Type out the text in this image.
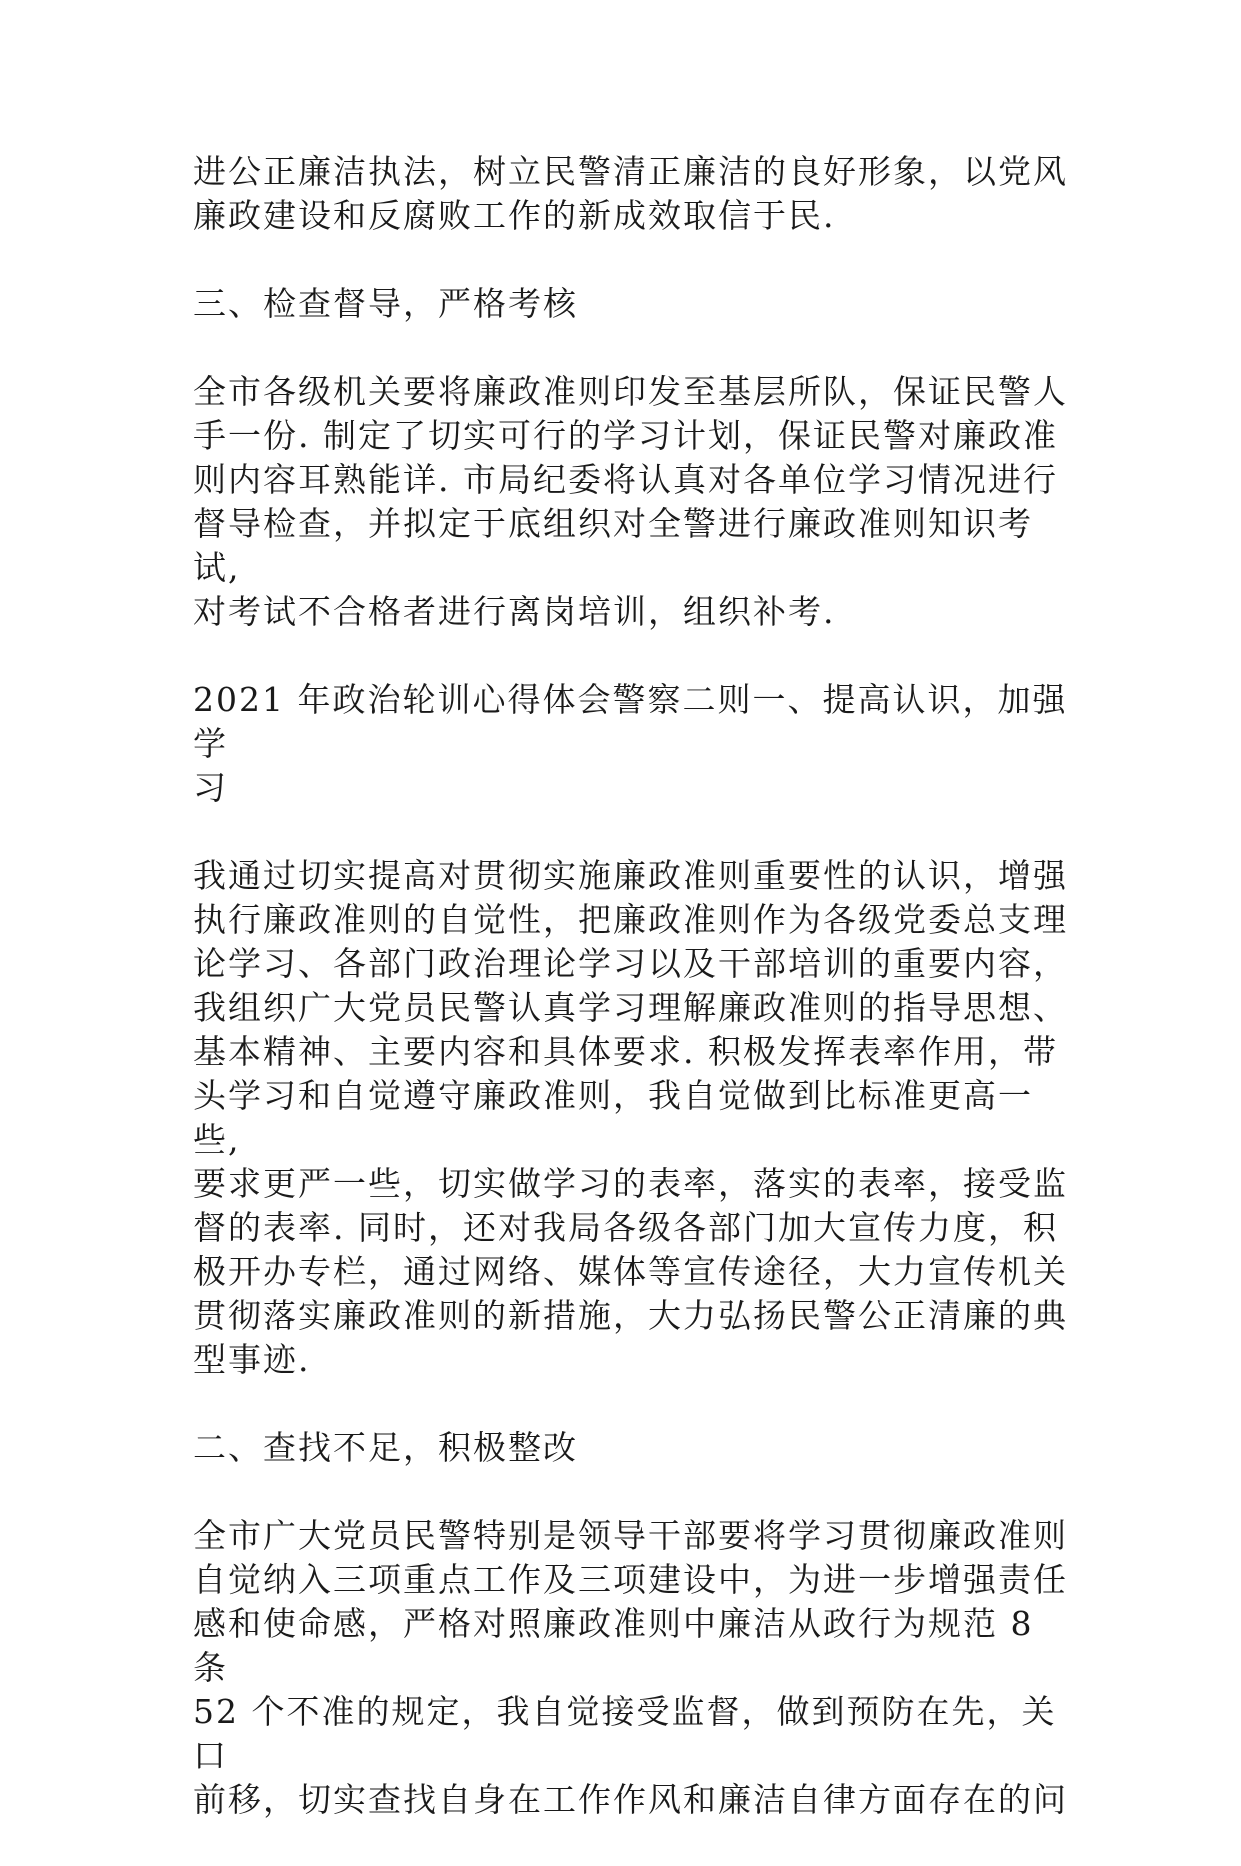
进公正廉洁执法，树立民警清正廉洁的良好形象，以党风
廉政建设和反腐败工作的新成效取信于民.

三、检查督导，严格考核

全市各级机关要将廉政准则印发至基层所队，保证民警人
手一份. 制定了切实可行的学习计划，保证民警对廉政准
则内容耳熟能详. 市局纪委将认真对各单位学习情况进行
督导检查，并拟定于底组织对全警进行廉政准则知识考试,
对考试不合格者进行离岗培训，组织补考.

2021 年政治轮训心得体会警察二则一、提高认识，加强学
习

我通过切实提高对贯彻实施廉政准则重要性的认识，增强
执行廉政准则的自觉性，把廉政准则作为各级党委总支理
论学习、各部门政治理论学习以及干部培训的重要内容，
我组织广大党员民警认真学习理解廉政准则的指导思想、
基本精神、主要内容和具体要求. 积极发挥表率作用，带
头学习和自觉遵守廉政准则，我自觉做到比标准更高一些,
要求更严一些，切实做学习的表率，落实的表率，接受监
督的表率. 同时，还对我局各级各部门加大宣传力度，积
极开办专栏，通过网络、媒体等宣传途径，大力宣传机关
贯彻落实廉政准则的新措施，大力弘扬民警公正清廉的典
型事迹.

二、查找不足，积极整改

全市广大党员民警特别是领导干部要将学习贯彻廉政准则
自觉纳入三项重点工作及三项建设中，为进一步增强责任
感和使命感，严格对照廉政准则中廉洁从政行为规范 8 条
52 个不准的规定，我自觉接受监督，做到预防在先，关口
前移，切实查找自身在工作作风和廉洁自律方面存在的问
